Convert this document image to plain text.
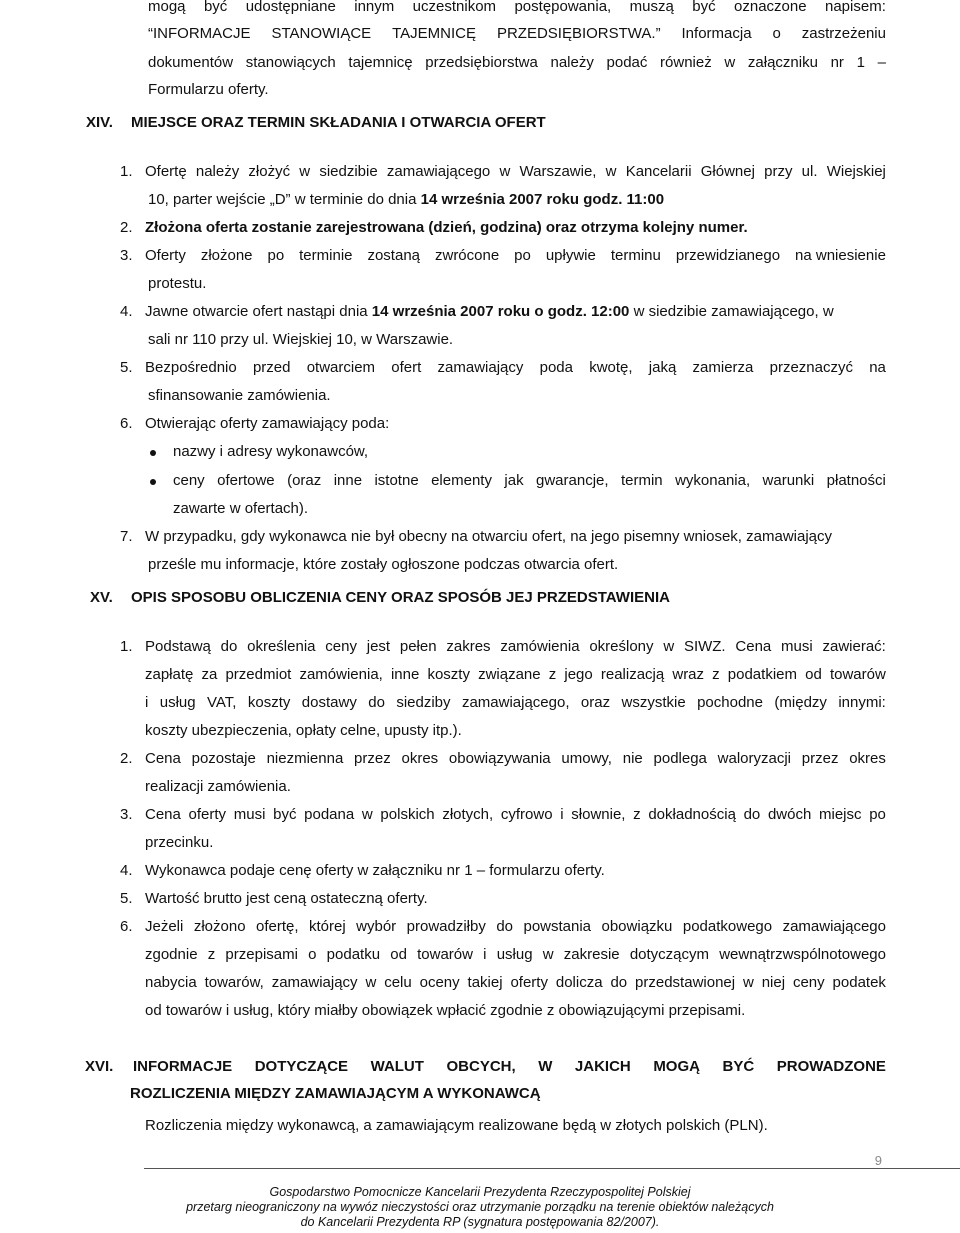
mogą być udostępniane innym uczestnikom postępowania, muszą być oznaczone napisem:
“INFORMACJE STANOWIĄCE TAJEMNICĘ PRZEDSIĘBIORSTWA.” Informacja o zastrzeżeniu
dokumentów stanowiących tajemnicę przedsiębiorstwa należy podać również w załączniku nr 1 –
Formularzu oferty.
XIV. MIEJSCE ORAZ TERMIN SKŁADANIA I OTWARCIA OFERT
1. Ofertę należy złożyć w siedzibie zamawiającego w Warszawie, w Kancelarii Głównej przy ul. Wiejskiej
10, parter wejście „D” w terminie do dnia 14 września 2007 roku godz. 11:00
2. Złożona oferta zostanie zarejestrowana (dzień, godzina) oraz otrzyma kolejny numer.
3. Oferty złożone po terminie zostaną zwrócone po upływie terminu przewidzianego na wniesienie
protestu.
4. Jawne otwarcie ofert nastąpi dnia 14 września 2007 roku o godz. 12:00 w siedzibie zamawiającego, w
sali nr 110 przy ul. Wiejskiej 10, w Warszawie.
5. Bezpośrednio przed otwarciem ofert zamawiający poda kwotę, jaką zamierza przeznaczyć na
sfinansowanie zamówienia.
6. Otwierając oferty zamawiający poda:
nazwy i adresy wykonawców,
ceny ofertowe (oraz inne istotne elementy jak gwarancje, termin wykonania, warunki płatności
zawarte w ofertach).
7. W przypadku, gdy wykonawca nie był obecny na otwarciu ofert, na jego pisemny wniosek, zamawiający
prześle mu informacje, które zostały ogłoszone podczas otwarcia ofert.
XV. OPIS SPOSOBU OBLICZENIA CENY ORAZ SPOSÓB JEJ PRZEDSTAWIENIA
1. Podstawą do określenia ceny jest pełen zakres zamówienia określony w SIWZ. Cena musi zawierać:
zapłatę za przedmiot zamówienia, inne koszty związane z jego realizacją wraz z podatkiem od towarów
i usług VAT, koszty dostawy do siedziby zamawiającego, oraz wszystkie pochodne (między innymi:
koszty ubezpieczenia, opłaty celne, upusty itp.).
2. Cena pozostaje niezmienna przez okres obowiązywania umowy, nie podlega waloryzacji przez okres
realizacji zamówienia.
3. Cena oferty musi być podana w polskich złotych, cyfrowo i słownie, z dokładnością do dwóch miejsc po
przecinku.
4. Wykonawca podaje cenę oferty w załączniku nr 1 – formularzu oferty.
5. Wartość brutto jest ceną ostateczną oferty.
6. Jeżeli złożono ofertę, której wybór prowadziłby do powstania obowiązku podatkowego zamawiającego
zgodnie z przepisami o podatku od towarów i usług w zakresie dotyczącym wewnątrzwspólnotowego
nabycia towarów, zamawiający w celu oceny takiej oferty dolicza do przedstawionej w niej ceny podatek
od towarów i usług, który miałby obowiązek wpłacić zgodnie z obowiązującymi przepisami.
XVI. INFORMACJE DOTYCZĄCE WALUT OBCYCH, W JAKICH MOGĄ BYĆ PROWADZONE
ROZLICZENIA MIĘDZY ZAMAWIAJĄCYM A WYKONAWCĄ
Rozliczenia między wykonawcą, a zamawiającym realizowane będą w złotych polskich (PLN).
9
Gospodarstwo Pomocnicze Kancelarii Prezydenta Rzeczypospolitej Polskiej
przetarg nieograniczony na wywóz nieczystości oraz utrzymanie porządku na terenie obiektów należących
do Kancelarii Prezydenta RP (sygnatura postępowania 82/2007).
